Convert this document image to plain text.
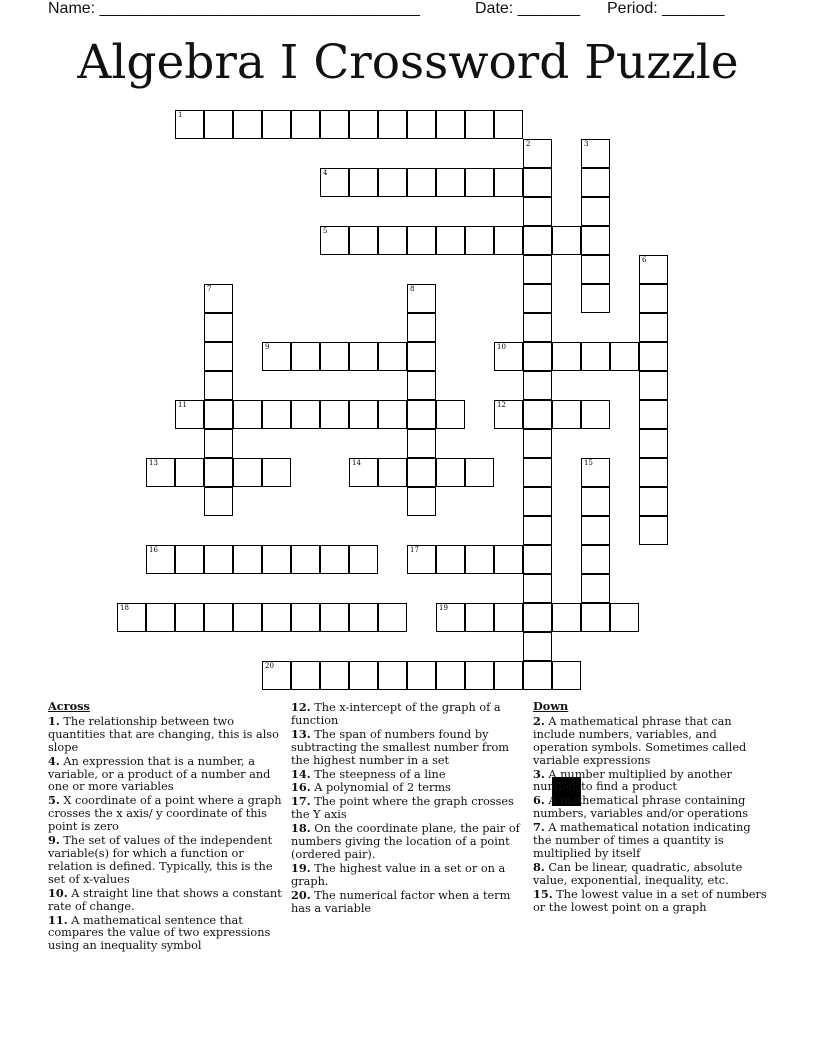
Name: ____________________________________	Date: _______ Period: _______
Algebra I Crossword Puzzle
1
2	3
4
5
6
7	8
9	10
11	12
13	14	15
16	17
18	19
20
Across
1. The relationship between two quantities that are changing, this is also slope
4. An expression that is a number, a variable, or a product of a number and one or more variables
5. X coordinate of a point where a graph crosses the x axis/ y coordinate of this point is zero
9. The set of values of the independent variable(s) for which a function or relation is defined. Typically, this is the set of x-values
10. A straight line that shows a constant rate of change.
11. A mathematical sentence that compares the value of two expressions using an inequality symbol
12. The x-intercept of the graph of a function
13. The span of numbers found by subtracting the smallest number from the highest number in a set
14. The steepness of a line
16. A polynomial of 2 terms
17. The point where the graph crosses the Y axis
18. On the coordinate plane, the pair of numbers giving the location of a point (ordered pair).
19. The highest value in a set or on a graph.
20. The numerical factor when a term has a variable
Down
2. A mathematical phrase that can include numbers, variables, and operation symbols. Sometimes called variable expressions
3. A number multiplied by another number to find a product
6. A mathematical phrase containing numbers, variables and/or operations
7. A mathematical notation indicating the number of times a quantity is multiplied by itself
8. Can be linear, quadratic, absolute value, exponential, inequality, etc.
15. The lowest value in a set of numbers or the lowest point on a graph
